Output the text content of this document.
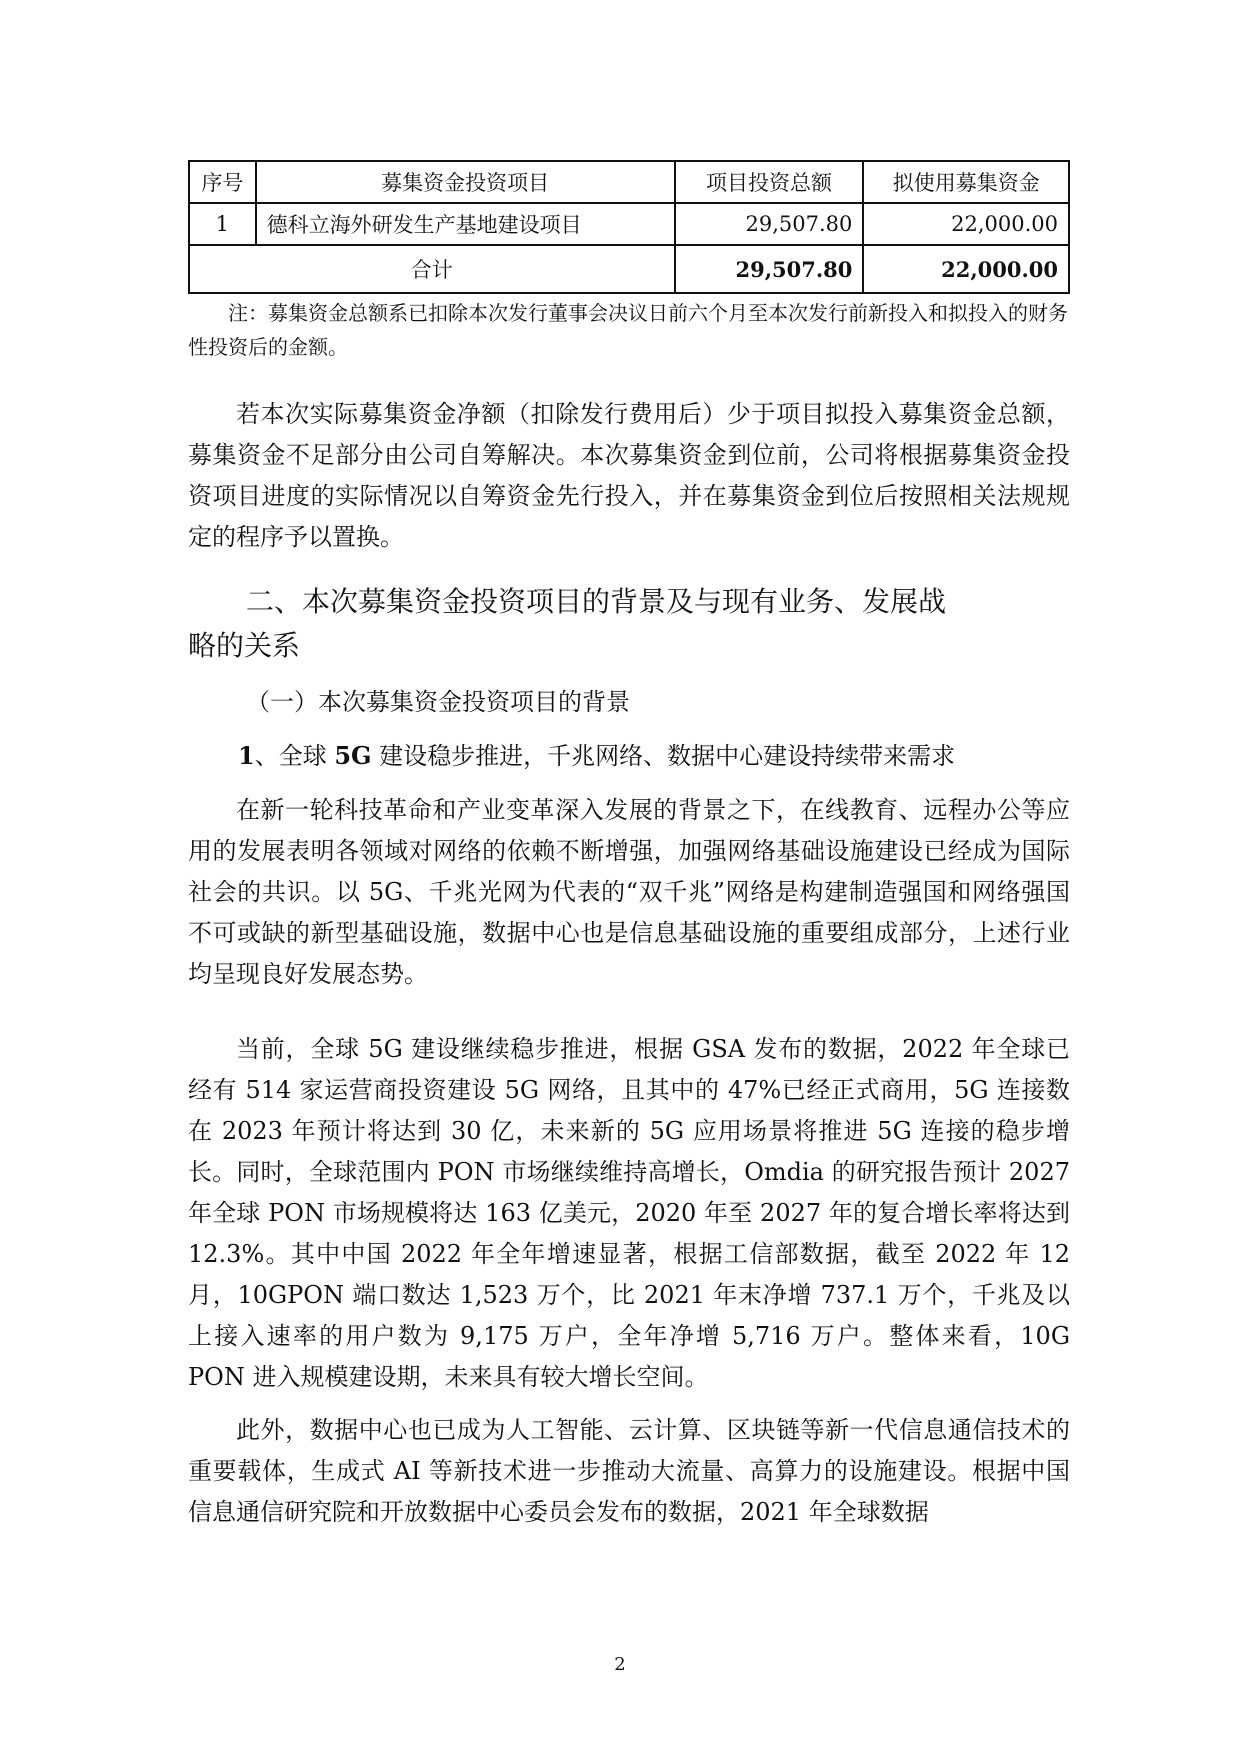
序号	募集资金投资项目	项目投资总额	拟使用募集资金
1	德科立海外研发生产基地建设项目	29,507.80	22,000.00
合计		29,507.80	22,000.00

注：募集资金总额系已扣除本次发行董事会决议日前六个月至本次发行前新投入和拟投入的财务性投资后的金额。

若本次实际募集资金净额（扣除发行费用后）少于项目拟投入募集资金总额，募集资金不足部分由公司自筹解决。本次募集资金到位前，公司将根据募集资金投资项目进度的实际情况以自筹资金先行投入，并在募集资金到位后按照相关法规规定的程序予以置换。

二、本次募集资金投资项目的背景及与现有业务、发展战

略的关系

（一）本次募集资金投资项目的背景

1、全球 5G 建设稳步推进，千兆网络、数据中心建设持续带来需求

在新一轮科技革命和产业变革深入发展的背景之下，在线教育、远程办公等应用的发展表明各领域对网络的依赖不断增强，加强网络基础设施建设已经成为国际社会的共识。以 5G、千兆光网为代表的“双千兆”网络是构建制造强国和网络强国不可或缺的新型基础设施，数据中心也是信息基础设施的重要组成部分，上述行业均呈现良好发展态势。

当前，全球 5G 建设继续稳步推进，根据 GSA 发布的数据，2022 年全球已经有 514 家运营商投资建设 5G 网络，且其中的 47%已经正式商用，5G 连接数在 2023 年预计将达到 30 亿，未来新的 5G 应用场景将推进 5G 连接的稳步增长。同时，全球范围内 PON 市场继续维持高增长，Omdia 的研究报告预计 2027 年全球 PON 市场规模将达 163 亿美元，2020 年至 2027 年的复合增长率将达到 12.3%。其中中国 2022 年全年增速显著，根据工信部数据，截至 2022 年 12 月，10GPON 端口数达 1,523 万个，比 2021 年末净增 737.1 万个，千兆及以上接入速率的用户数为 9,175 万户，全年净增 5,716 万户。整体来看，10G PON 进入规模建设期，未来具有较大增长空间。

此外，数据中心也已成为人工智能、云计算、区块链等新一代信息通信技术的重要载体，生成式 AI 等新技术进一步推动大流量、高算力的设施建设。根据中国信息通信研究院和开放数据中心委员会发布的数据，2021 年全球数据

2
